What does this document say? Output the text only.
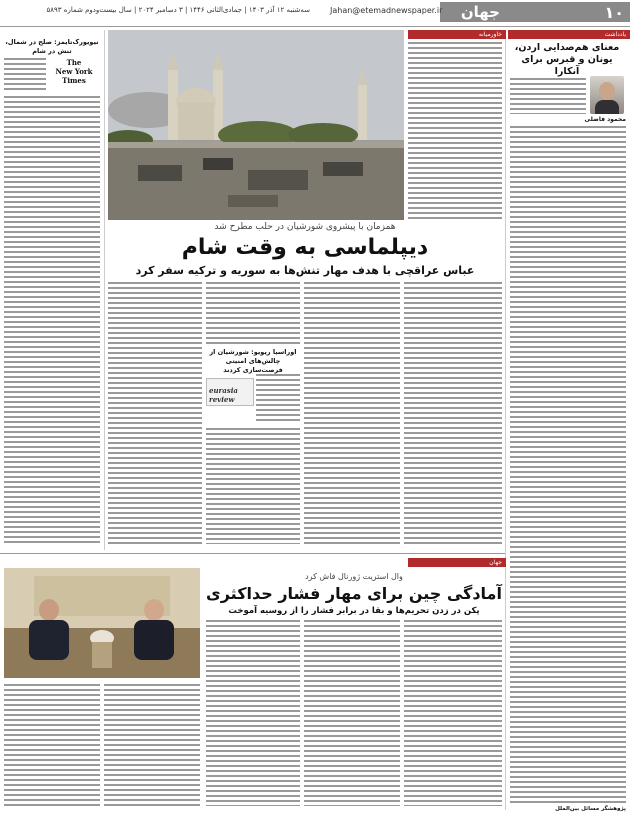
۱۰
جهان
Jahan@etemadnewspaper.ir
سه‌شنبه ۱۲ آذر ۱۴۰۳ | جمادی‌الثانی ۱۴۴۶ | ۳ دسامبر ۲۰۲۴ | سال بیست‌ودوم شماره ۵۸۹۳
یادداشت
معنای هم‌صدایی اردن، یونان و قبرس برای آنکارا
محمود فاضلی
خاورمیانه
همزمان با پیشروی شورشیان در حلب مطرح شد
دیپلماسی به وقت شام
عباس عراقچی با هدف مهار تنش‌ها به سوریه و ترکیه سفر کرد
اوراسیا ریویو: شورشیان از چالش‌های امنیتی فرصت‌سازی کردند
eurasia review
نیویورک‌تایمز: صلح در شمال، تنش در شام
The
New York
Times
جهان
وال استریت ژورنال فاش کرد
آمادگی چین برای مهار فشار حداکثری
پکن در زدن تحریم‌ها و بقا در برابر فشار را از روسیه آموخت
پژوهشگر مسائل بین‌الملل
